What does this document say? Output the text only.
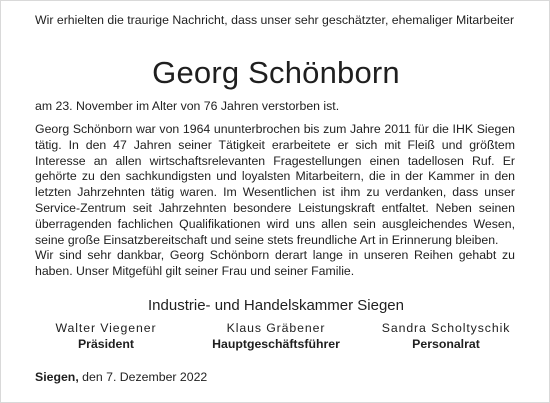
Wir erhielten die traurige Nachricht, dass unser sehr geschätzter, ehemaliger Mitarbeiter

Georg Schönborn

am 23. November im Alter von 76 Jahren verstorben ist.

Georg Schönborn war von 1964 ununterbrochen bis zum Jahre 2011 für die IHK Siegen tätig. In den 47 Jahren seiner Tätigkeit erarbeitete er sich mit Fleiß und größtem Interesse an allen wirtschaftsrelevanten Fragestellungen einen tadellosen Ruf. Er gehörte zu den sachkundigsten und loyalsten Mitarbeitern, die in der Kammer in den letzten Jahrzehnten tätig waren. Im Wesentlichen ist ihm zu verdanken, dass unser Service-Zentrum seit Jahrzehnten besondere Leistungskraft entfaltet. Neben seinen überragenden fachlichen Qualifikationen wird uns allen sein ausgleichendes Wesen, seine große Einsatzbereitschaft und seine stets freundliche Art in Erinnerung bleiben.

Wir sind sehr dankbar, Georg Schönborn derart lange in unseren Reihen gehabt zu haben. Unser Mitgefühl gilt seiner Frau und seiner Familie.

Industrie- und Handelskammer Siegen

Walter Viegener
Präsident
Klaus Gräbener
Hauptgeschäftsführer
Sandra Scholtyschik
Personalrat

Siegen, den 7. Dezember 2022
